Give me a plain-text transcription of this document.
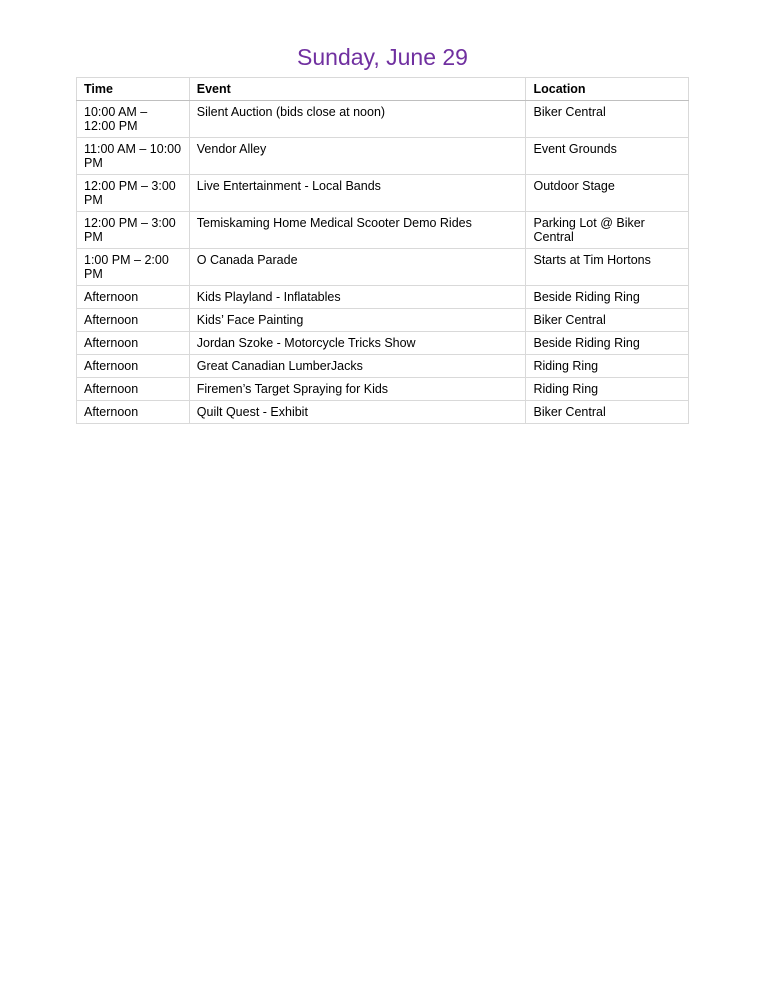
Sunday, June 29
Time	Event	Location
10:00 AM – 12:00 PM	Silent Auction (bids close at noon)	Biker Central
11:00 AM – 10:00 PM	Vendor Alley	Event Grounds
12:00 PM – 3:00 PM	Live Entertainment - Local Bands	Outdoor Stage
12:00 PM – 3:00 PM	Temiskaming Home Medical Scooter Demo Rides	Parking Lot @ Biker Central
1:00 PM – 2:00 PM	O Canada Parade	Starts at Tim Hortons
Afternoon	Kids Playland - Inflatables	Beside Riding Ring
Afternoon	Kids’ Face Painting	Biker Central
Afternoon	Jordan Szoke - Motorcycle Tricks Show	Beside Riding Ring
Afternoon	Great Canadian LumberJacks	Riding Ring
Afternoon	Firemen’s Target Spraying for Kids	Riding Ring
Afternoon	Quilt Quest - Exhibit	Biker Central
